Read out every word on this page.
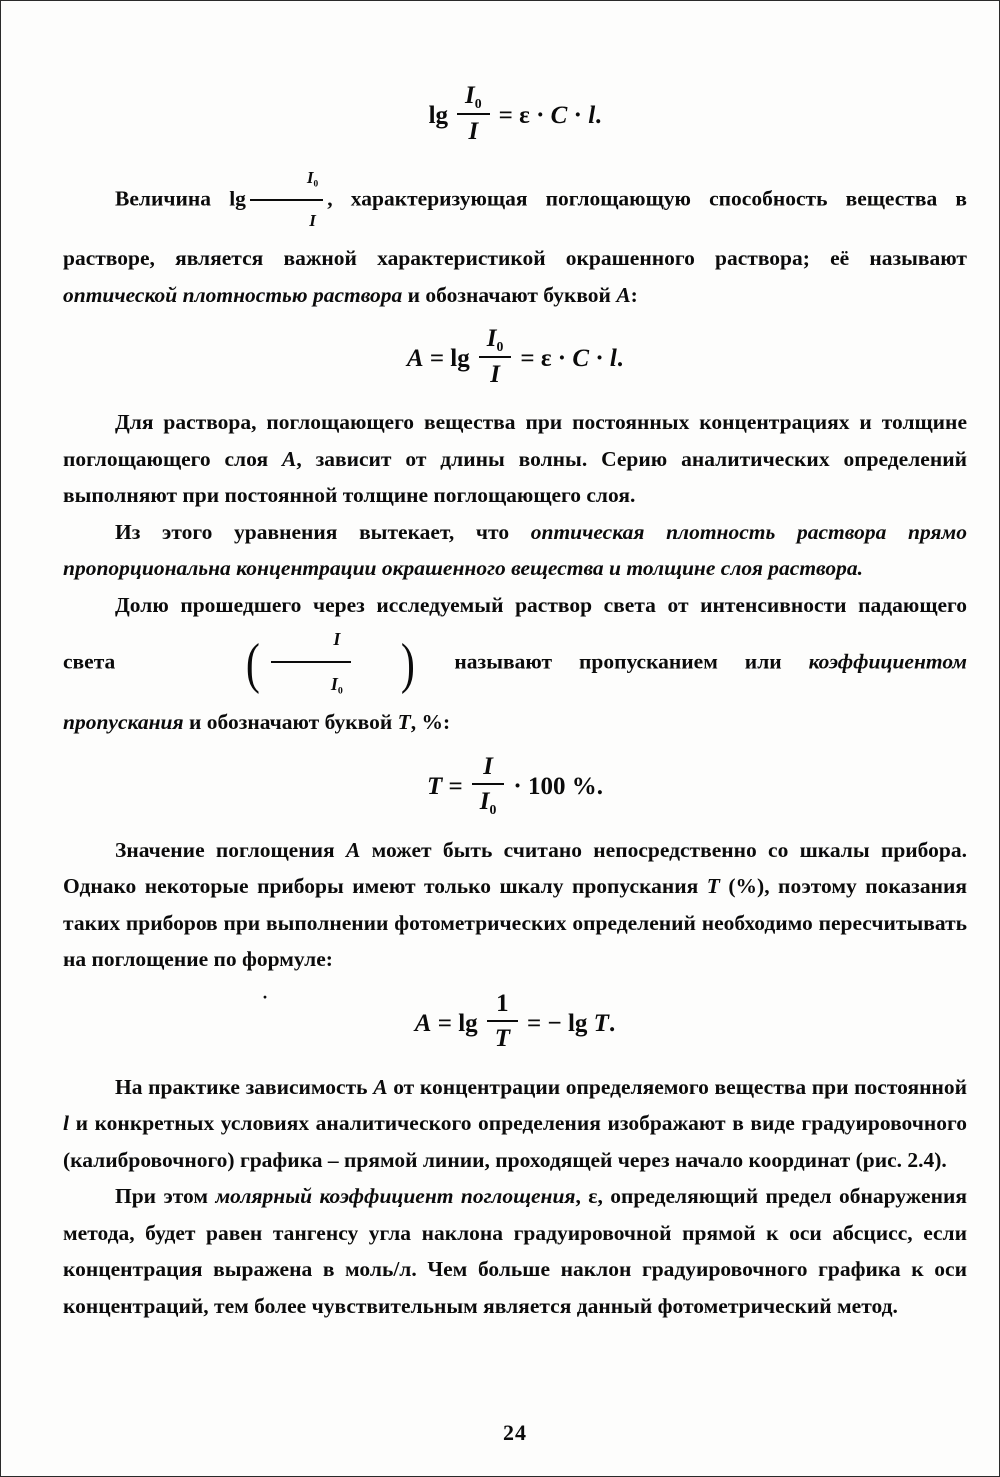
$\lg \frac{I_0}{I} = \varepsilon \cdot C \cdot l$.

Величина $\lg \frac{I_0}{I}$ , характеризующая поглощающую способность вещества в растворе, является важной характеристикой окрашенного раствора; её называют оптической плотностью раствора и обозначают буквой A:

$A = \lg \frac{I_0}{I} = \varepsilon \cdot C \cdot l$.

Для раствора, поглощающего вещества при постоянных концентрациях и толщине поглощающего слоя A, зависит от длины волны. Серию аналитических определений выполняют при постоянной толщине поглощающего слоя.

Из этого уравнения вытекает, что оптическая плотность раствора прямо пропорциональна концентрации окрашенного вещества и толщине слоя раствора.

Долю прошедшего через исследуемый раствор света от интенсивности падающего света ( $\frac{I}{I_0}$ ) называют пропусканием или коэффициентом пропускания и обозначают буквой T, %:

$T = \frac{I}{I_0} \cdot 100$ %.

Значение поглощения A может быть считано непосредственно со шкалы прибора. Однако некоторые приборы имеют только шкалу пропускания T (%), поэтому показания таких приборов при выполнении фотометрических определений необходимо пересчитывать на поглощение по формуле:

$A = \lg \frac{1}{T}$ = − lg T.

На практике зависимость A от концентрации определяемого вещества при постоянной l и конкретных условиях аналитического определения изображают в виде градуировочного (калибровочного) графика – прямой линии, проходящей через начало координат (рис. 2.4).

При этом молярный коэффициент поглощения, ε, определяющий предел обнаружения метода, будет равен тангенсу угла наклона градуировочной прямой к оси абсцисс, если концентрация выражена в моль/л. Чем больше наклон градуировочного графика к оси концентраций, тем более чувствительным является данный фотометрический метод.

·
24
